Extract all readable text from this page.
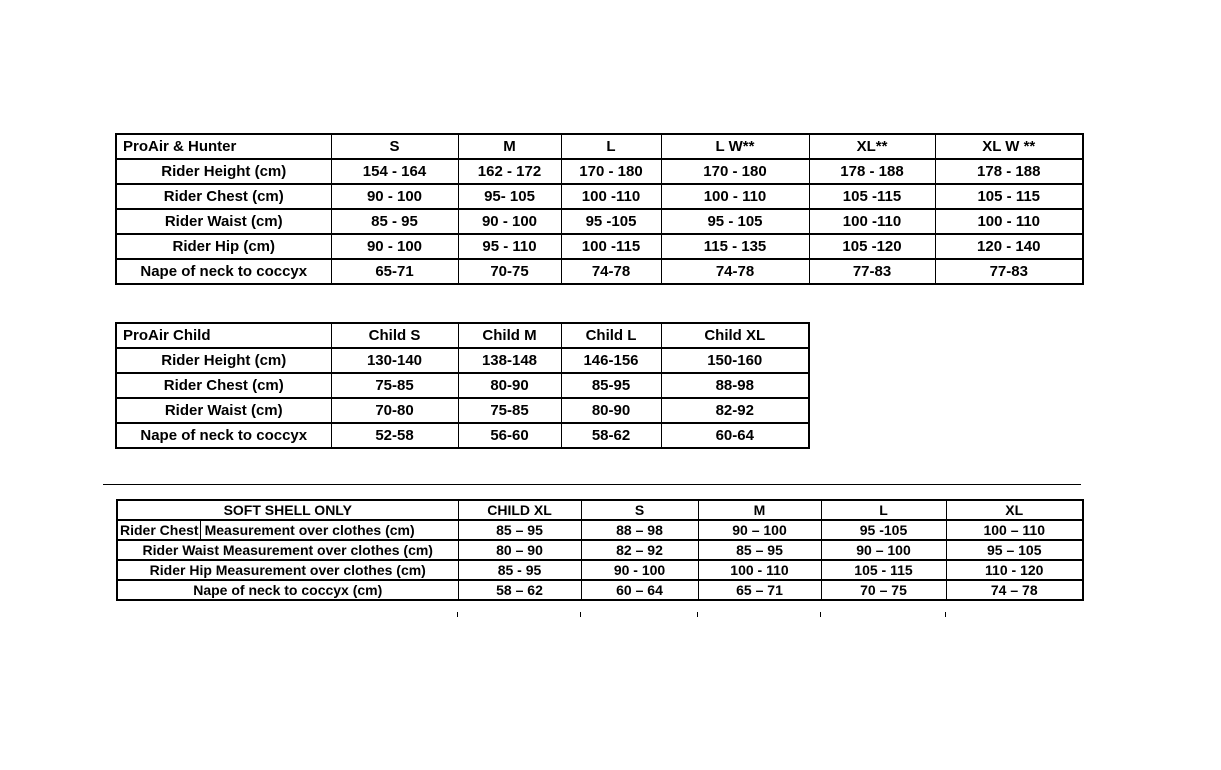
ProAir & Hunter	S	M	L	L W**	XL**	XL W **
Rider Height (cm)	154 - 164	162 - 172	170 - 180	170 - 180	178 - 188	178 - 188
Rider Chest (cm)	90 - 100	95- 105	100 -110	100 - 110	105 -115	105 - 115
Rider Waist (cm)	85 - 95	90 - 100	95 -105	95 - 105	100 -110	100 - 110
Rider Hip (cm)	90 - 100	95 - 110	100 -115	115 - 135	105 -120	120 - 140
Nape of neck to coccyx	65-71	70-75	74-78	74-78	77-83	77-83
ProAir Child	Child S	Child M	Child L	Child XL
Rider Height (cm)	130-140	138-148	146-156	150-160
Rider Chest (cm)	75-85	80-90	85-95	88-98
Rider Waist (cm)	70-80	75-85	80-90	82-92
Nape of neck to coccyx	52-58	56-60	58-62	60-64
SOFT SHELL ONLY	CHILD XL	S	M	L	XL

Rider Chest Measurement over clothes (cm)	85 – 95	88 – 98	90 – 100	95 -105	100 – 110
Rider Waist Measurement over clothes (cm)	80 – 90	82 – 92	85 – 95	90 – 100	95 – 105
Rider Hip Measurement over clothes (cm)	85 - 95	90 - 100	100 - 110	105 - 115	110 - 120
Nape of neck to coccyx (cm)	58 – 62	60 – 64	65 – 71	70 – 75	74 – 78
